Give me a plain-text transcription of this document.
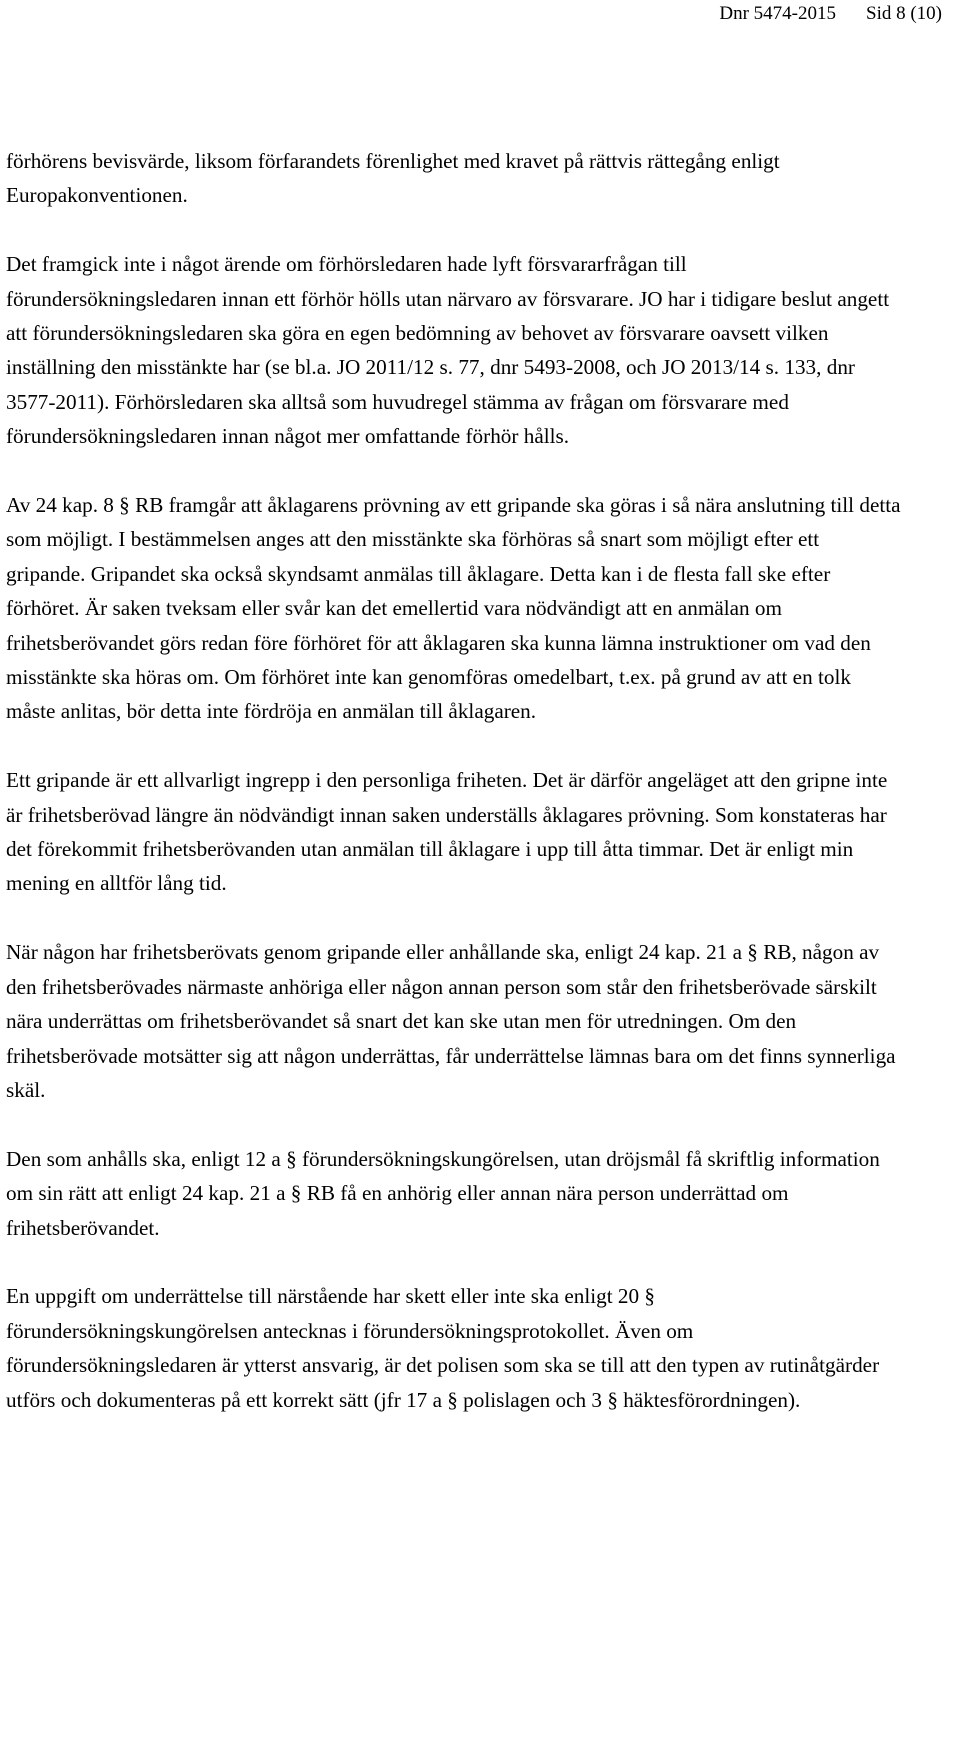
Dnr 5474-2015 Sid 8 (10)

förhörens bevisvärde, liksom förfarandets förenlighet med kravet på rättvis rättegång enligt Europakonventionen.

Det framgick inte i något ärende om förhörsledaren hade lyft försvararfrågan till förundersökningsledaren innan ett förhör hölls utan närvaro av försvarare. JO har i tidigare beslut angett att förundersökningsledaren ska göra en egen bedömning av behovet av försvarare oavsett vilken inställning den misstänkte har (se bl.a. JO 2011/12 s. 77, dnr 5493-2008, och JO 2013/14 s. 133, dnr 3577-2011). Förhörsledaren ska alltså som huvudregel stämma av frågan om försvarare med förundersökningsledaren innan något mer omfattande förhör hålls.

Av 24 kap. 8 § RB framgår att åklagarens prövning av ett gripande ska göras i så nära anslutning till detta som möjligt. I bestämmelsen anges att den misstänkte ska förhöras så snart som möjligt efter ett gripande. Gripandet ska också skyndsamt anmälas till åklagare. Detta kan i de flesta fall ske efter förhöret. Är saken tveksam eller svår kan det emellertid vara nödvändigt att en anmälan om frihetsberövandet görs redan före förhöret för att åklagaren ska kunna lämna instruktioner om vad den misstänkte ska höras om. Om förhöret inte kan genomföras omedelbart, t.ex. på grund av att en tolk måste anlitas, bör detta inte fördröja en anmälan till åklagaren.

Ett gripande är ett allvarligt ingrepp i den personliga friheten. Det är därför angeläget att den gripne inte är frihetsberövad längre än nödvändigt innan saken underställs åklagares prövning. Som konstateras har det förekommit frihetsberövanden utan anmälan till åklagare i upp till åtta timmar. Det är enligt min mening en alltför lång tid.

När någon har frihetsberövats genom gripande eller anhållande ska, enligt 24 kap. 21 a § RB, någon av den frihetsberövades närmaste anhöriga eller någon annan person som står den frihetsberövade särskilt nära underrättas om frihetsberövandet så snart det kan ske utan men för utredningen. Om den frihetsberövade motsätter sig att någon underrättas, får underrättelse lämnas bara om det finns synnerliga skäl.

Den som anhålls ska, enligt 12 a § förundersökningskungörelsen, utan dröjsmål få skriftlig information om sin rätt att enligt 24 kap. 21 a § RB få en anhörig eller annan nära person underrättad om frihetsberövandet.

En uppgift om underrättelse till närstående har skett eller inte ska enligt 20 § förundersökningskungörelsen antecknas i förundersökningsprotokollet. Även om förundersökningsledaren är ytterst ansvarig, är det polisen som ska se till att den typen av rutinåtgärder utförs och dokumenteras på ett korrekt sätt (jfr 17 a § polislagen och 3 § häktesförordningen).
